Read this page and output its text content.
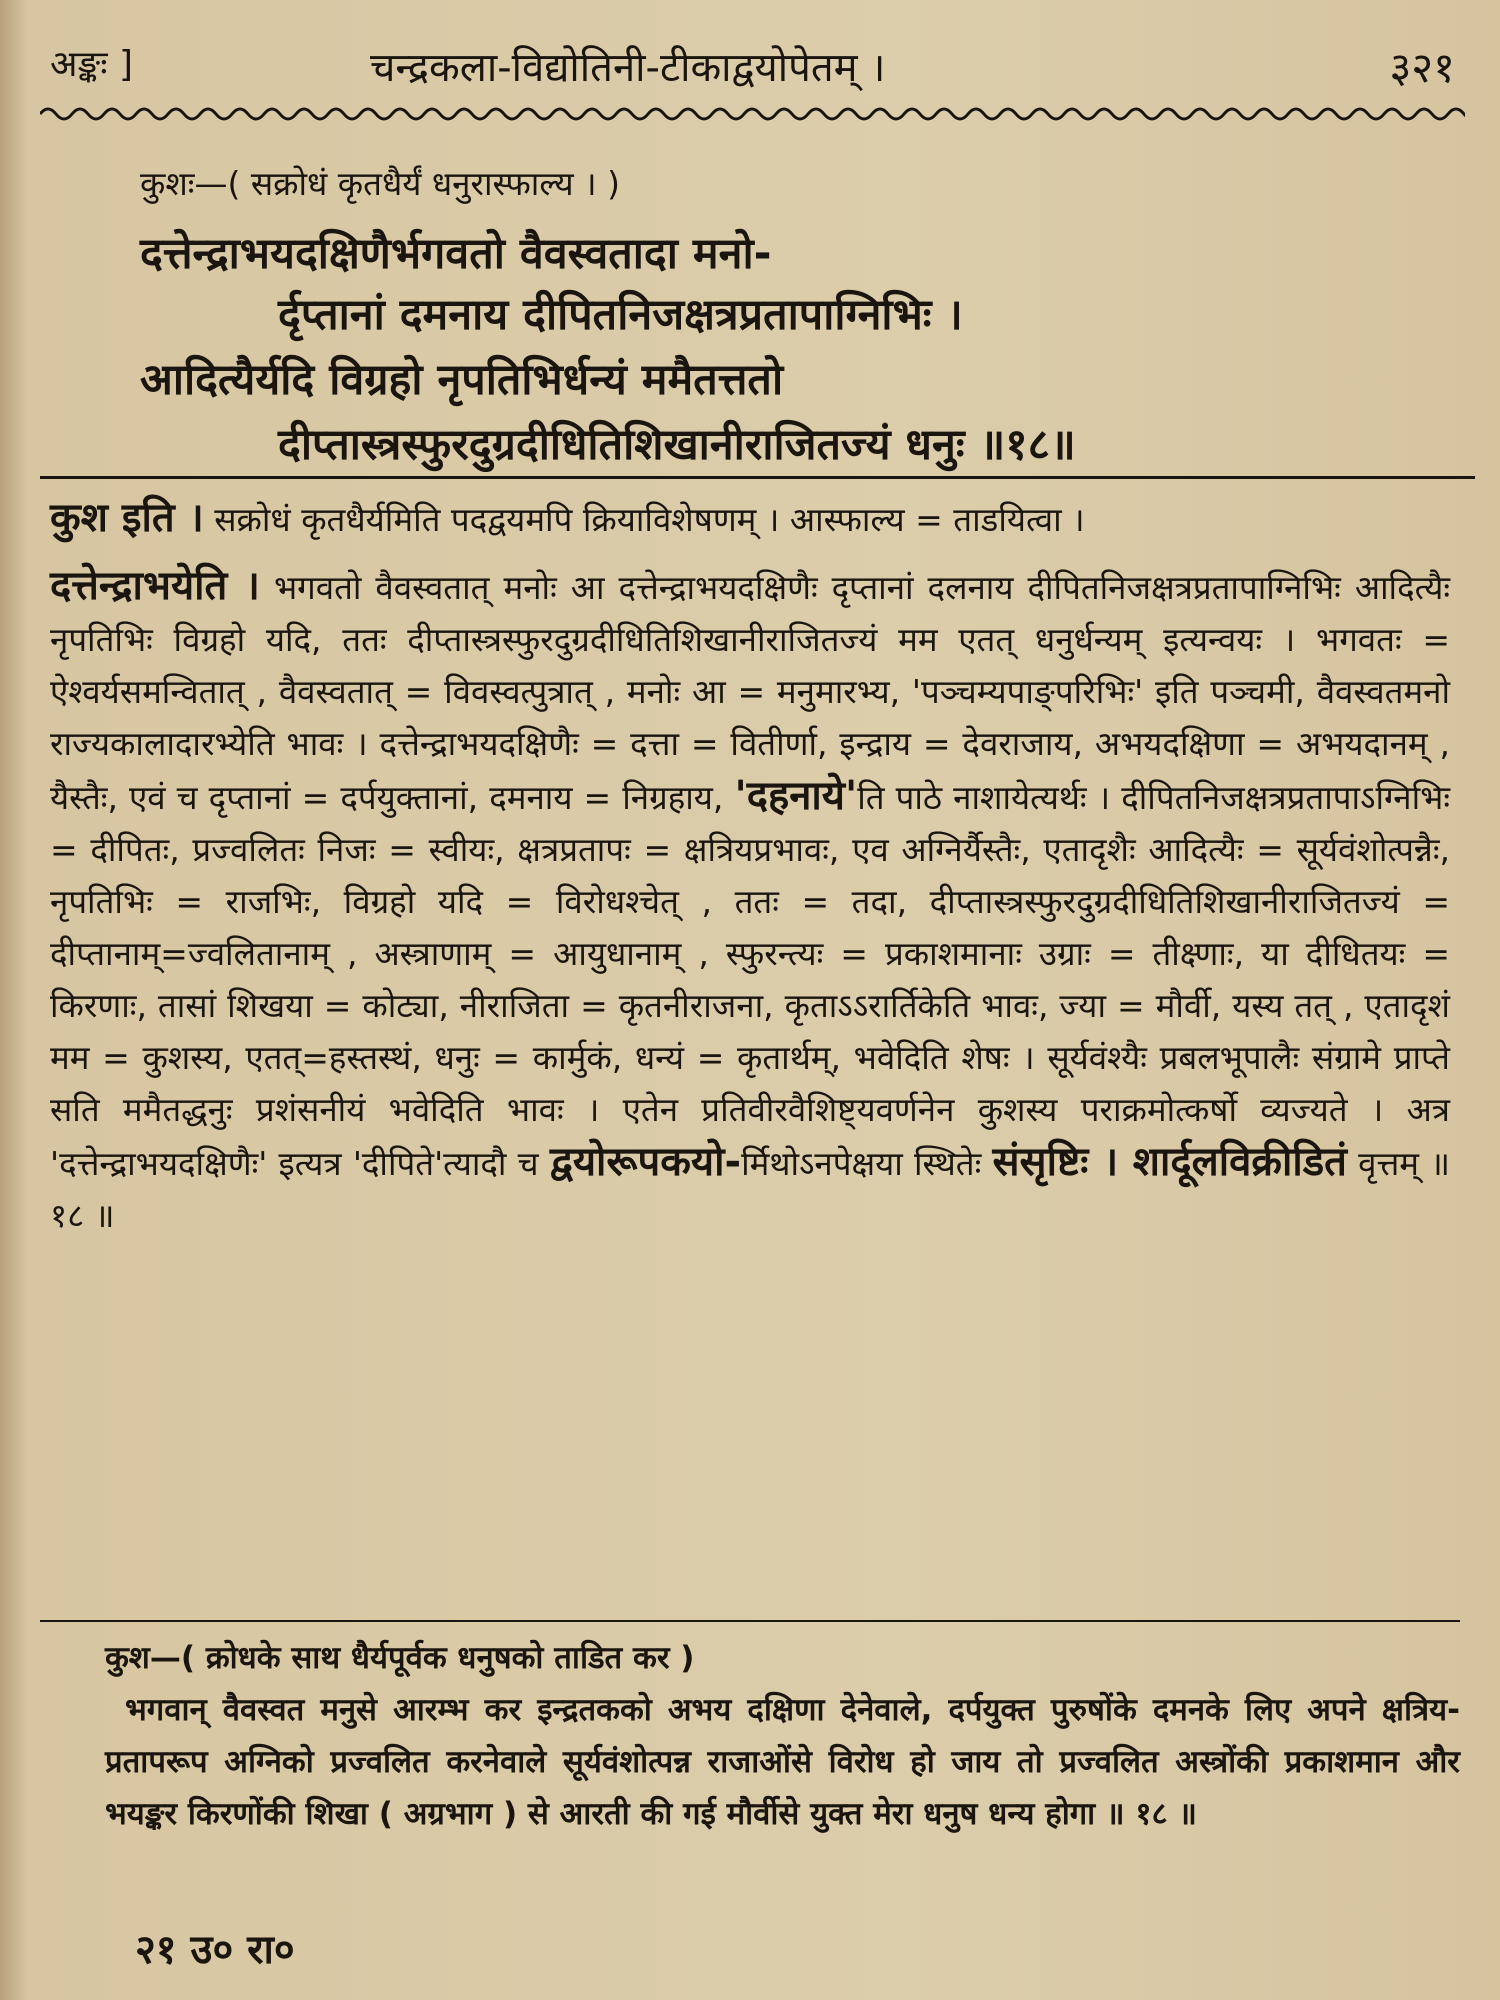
अङ्कः ]	चन्द्रकला-विद्योतिनी-टीकाद्वयोपेतम् ।	३२१
कुशः—( सक्रोधं कृतधैर्यं धनुरास्फाल्य । )
दत्तेन्द्राभयदक्षिणैर्भगवतो वैवस्वतादा मनो-
र्दृप्तानां दमनाय दीपितनिजक्षत्रप्रतापाग्निभिः ।
आदित्यैर्यदि विग्रहो नृपतिभिर्धन्यं ममैतत्ततो
दीप्तास्त्रस्फुरदुग्रदीधितिशिखानीराजितज्यं धनुः ॥१८॥

कुश इति । सक्रोधं कृतधैर्यमिति पदद्वयमपि क्रियाविशेषणम् । आस्फाल्य = ताडयित्वा ।

दत्तेन्द्राभयेति । भगवतो वैवस्वतात् मनोः आ दत्तेन्द्राभयदक्षिणैः दृप्तानां दलनाय दीपितनिजक्षत्रप्रतापाग्निभिः आदित्यैः नृपतिभिः विग्रहो यदि, ततः दीप्तास्त्रस्फुरदुग्रदीधितिशिखानीराजितज्यं मम एतत् धनुर्धन्यम् इत्यन्वयः । भगवतः = ऐश्वर्यसमन्वितात् , वैवस्वतात् = विवस्वत्पुत्रात् , मनोः आ = मनुमारभ्य, 'पञ्चम्यपाङ्परिभिः' इति पञ्चमी, वैवस्वतमनो राज्यकालादारभ्येति भावः । दत्तेन्द्राभयदक्षिणैः = दत्ता = वितीर्णा, इन्द्राय = देवराजाय, अभयदक्षिणा = अभयदानम् , यैस्तैः, एवं च दृप्तानां = दर्पयुक्तानां, दमनाय = निग्रहाय, 'दहनाये'ति पाठे नाशायेत्यर्थः । दीपितनिजक्षत्रप्रतापाऽग्निभिः = दीपितः, प्रज्वलितः निजः = स्वीयः, क्षत्रप्रतापः = क्षत्रियप्रभावः, एव अग्निर्यैस्तैः, एतादृशैः आदित्यैः = सूर्यवंशोत्पन्नैः, नृपतिभिः = राजभिः, विग्रहो यदि = विरोधश्चेत् , ततः = तदा, दीप्तास्त्रस्फुरदुग्रदीधितिशिखानीराजितज्यं = दीप्तानाम्=ज्वलितानाम् , अस्त्राणाम् = आयुधानाम् , स्फुरन्त्यः = प्रकाशमानाः उग्राः = तीक्ष्णाः, या दीधितयः = किरणाः, तासां शिखया = कोट्या, नीराजिता = कृतनीराजना, कृताऽऽरार्तिकेति भावः, ज्या = मौर्वी, यस्य तत् , एतादृशं मम = कुशस्य, एतत्=हस्तस्थं, धनुः = कार्मुकं, धन्यं = कृतार्थम्, भवेदिति शेषः । सूर्यवंश्यैः प्रबलभूपालैः संग्रामे प्राप्ते सति ममैतद्धनुः प्रशंसनीयं भवेदिति भावः । एतेन प्रतिवीरवैशिष्ट्यवर्णनेन कुशस्य पराक्रमोत्कर्षो व्यज्यते । अत्र 'दत्तेन्द्राभयदक्षिणैः' इत्यत्र 'दीपिते'त्यादौ च द्वयोरूपकयो-र्मिथोऽनपेक्षया स्थितेः संसृष्टिः । शार्दूलविक्रीडितं वृत्तम् ॥ १८ ॥

कुश—( क्रोधके साथ धैर्यपूर्वक धनुषको ताडित कर )

भगवान् वैवस्वत मनुसे आरम्भ कर इन्द्रतकको अभय दक्षिणा देनेवाले, दर्पयुक्त पुरुषोंके दमनके लिए अपने क्षत्रिय-प्रतापरूप अग्निको प्रज्वलित करनेवाले सूर्यवंशोत्पन्न राजाओंसे विरोध हो जाय तो प्रज्वलित अस्त्रोंकी प्रकाशमान और भयङ्कर किरणोंकी शिखा ( अग्रभाग ) से आरती की गई मौर्वीसे युक्त मेरा धनुष धन्य होगा ॥ १८ ॥

२१ उ० रा०
